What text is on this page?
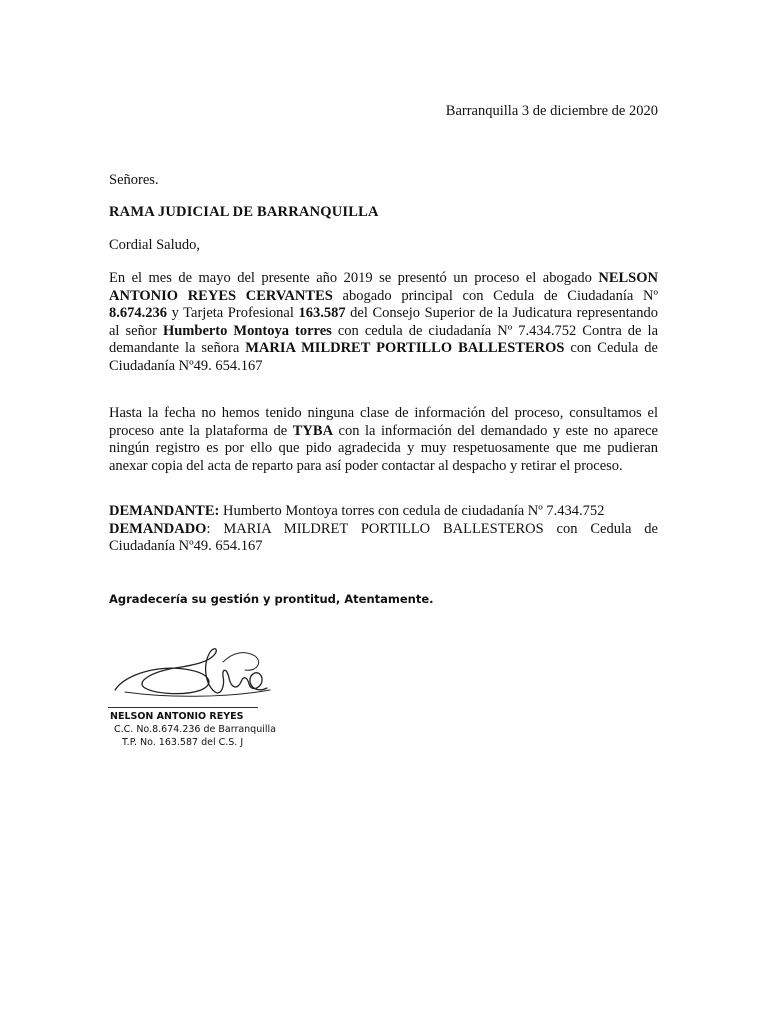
Barranquilla 3 de diciembre de 2020
Señores.
RAMA JUDICIAL DE BARRANQUILLA
Cordial Saludo,
En el mes de mayo del presente año 2019 se presentó un proceso el abogado NELSON ANTONIO REYES CERVANTES abogado principal con Cedula de Ciudadanía Nº 8.674.236 y Tarjeta Profesional 163.587 del Consejo Superior de la Judicatura representando al señor Humberto Montoya torres con cedula de ciudadanía Nº 7.434.752 Contra de la demandante la señora MARIA MILDRET PORTILLO BALLESTEROS con Cedula de Ciudadanía Nº49. 654.167
Hasta la fecha no hemos tenido ninguna clase de información del proceso, consultamos el proceso ante la plataforma de TYBA con la información del demandado y este no aparece ningún registro es por ello que pido agradecida y muy respetuosamente que me pudieran anexar copia del acta de reparto para así poder contactar al despacho y retirar el proceso.
DEMANDANTE: Humberto Montoya torres con cedula de ciudadanía Nº 7.434.752
DEMANDADO: MARIA MILDRET PORTILLO BALLESTEROS con Cedula de Ciudadanía Nº49. 654.167
Agradecería su gestión y prontitud, Atentamente.
NELSON ANTONIO REYES
C.C. No.8.674.236 de Barranquilla
T.P. No. 163.587 del C.S. J
